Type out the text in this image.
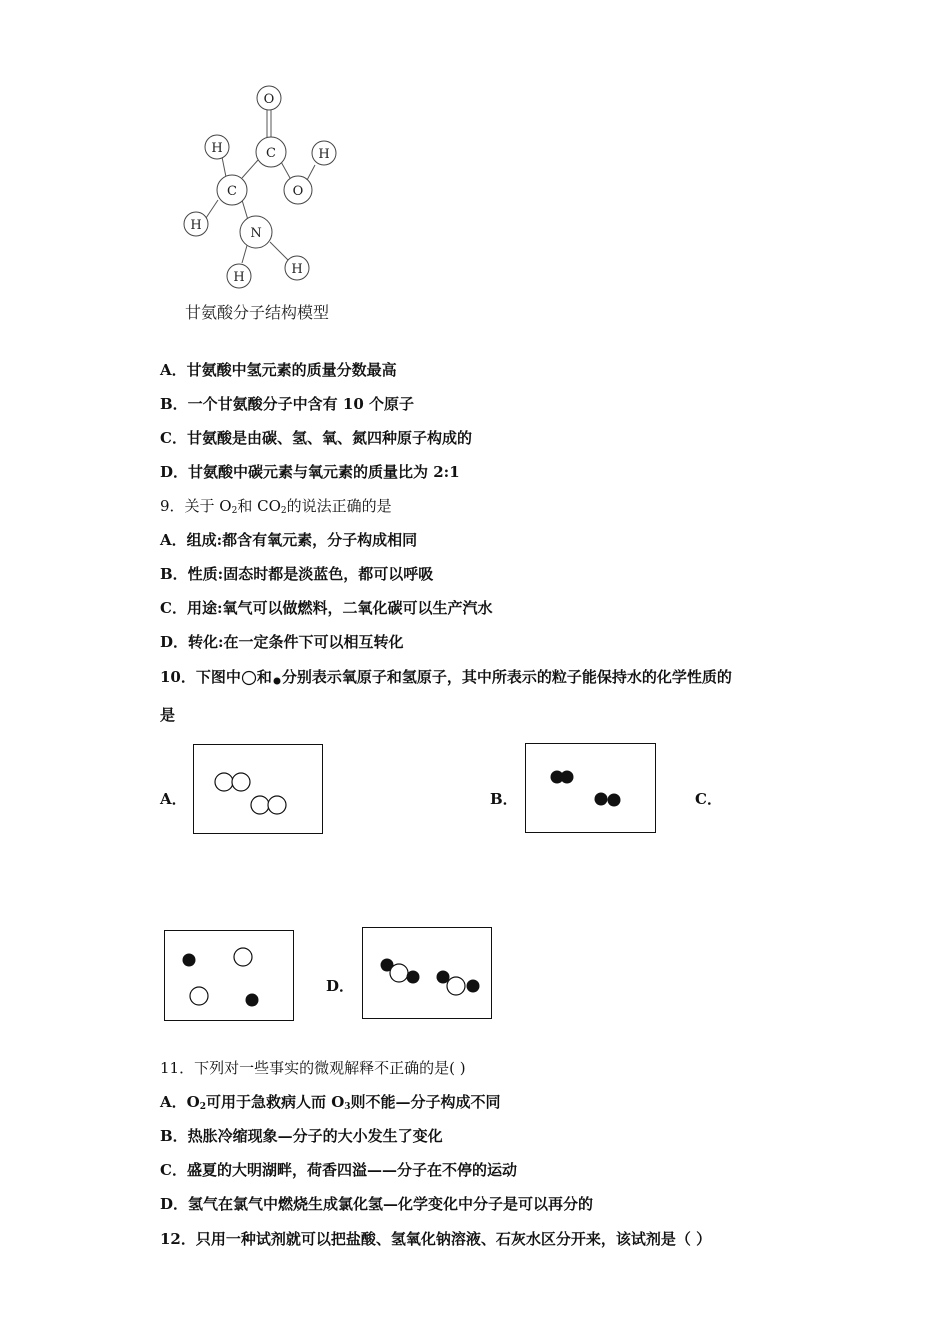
O
C
H	H
C	O
H
N
H
H
甘氨酸分子结构模型
A．甘氨酸中氢元素的质量分数最高
B．一个甘氨酸分子中含有 10 个原子
C．甘氨酸是由碳、氢、氧、氮四种原子构成的
D．甘氨酸中碳元素与氧元素的质量比为 2:1
9．关于 $O_2$和 $CO_2$的说法正确的是
A．组成:都含有氧元素，分子构成相同
B．性质:固态时都是淡蓝色，都可以呼吸
C．用途:氧气可以做燃料，二氧化碳可以生产汽水
D．转化:在一定条件下可以相互转化
10．下图中 和 分别表示氧原子和氢原子，其中所表示的粒子能保持水的化学性质的
是
A．	B．	C．
D．
11．下列对一些事实的微观解释不正确的是( )
A．$O_2$可用于急救病人而 $O_3$则不能—分子构成不同
B．热胀冷缩现象—分子的大小发生了变化
C．盛夏的大明湖畔，荷香四溢——分子在不停的运动
D．氢气在氯气中燃烧生成氯化氢—化学变化中分子是可以再分的
12．只用一种试剂就可以把盐酸、氢氧化钠溶液、石灰水区分开来，该试剂是（ ）
